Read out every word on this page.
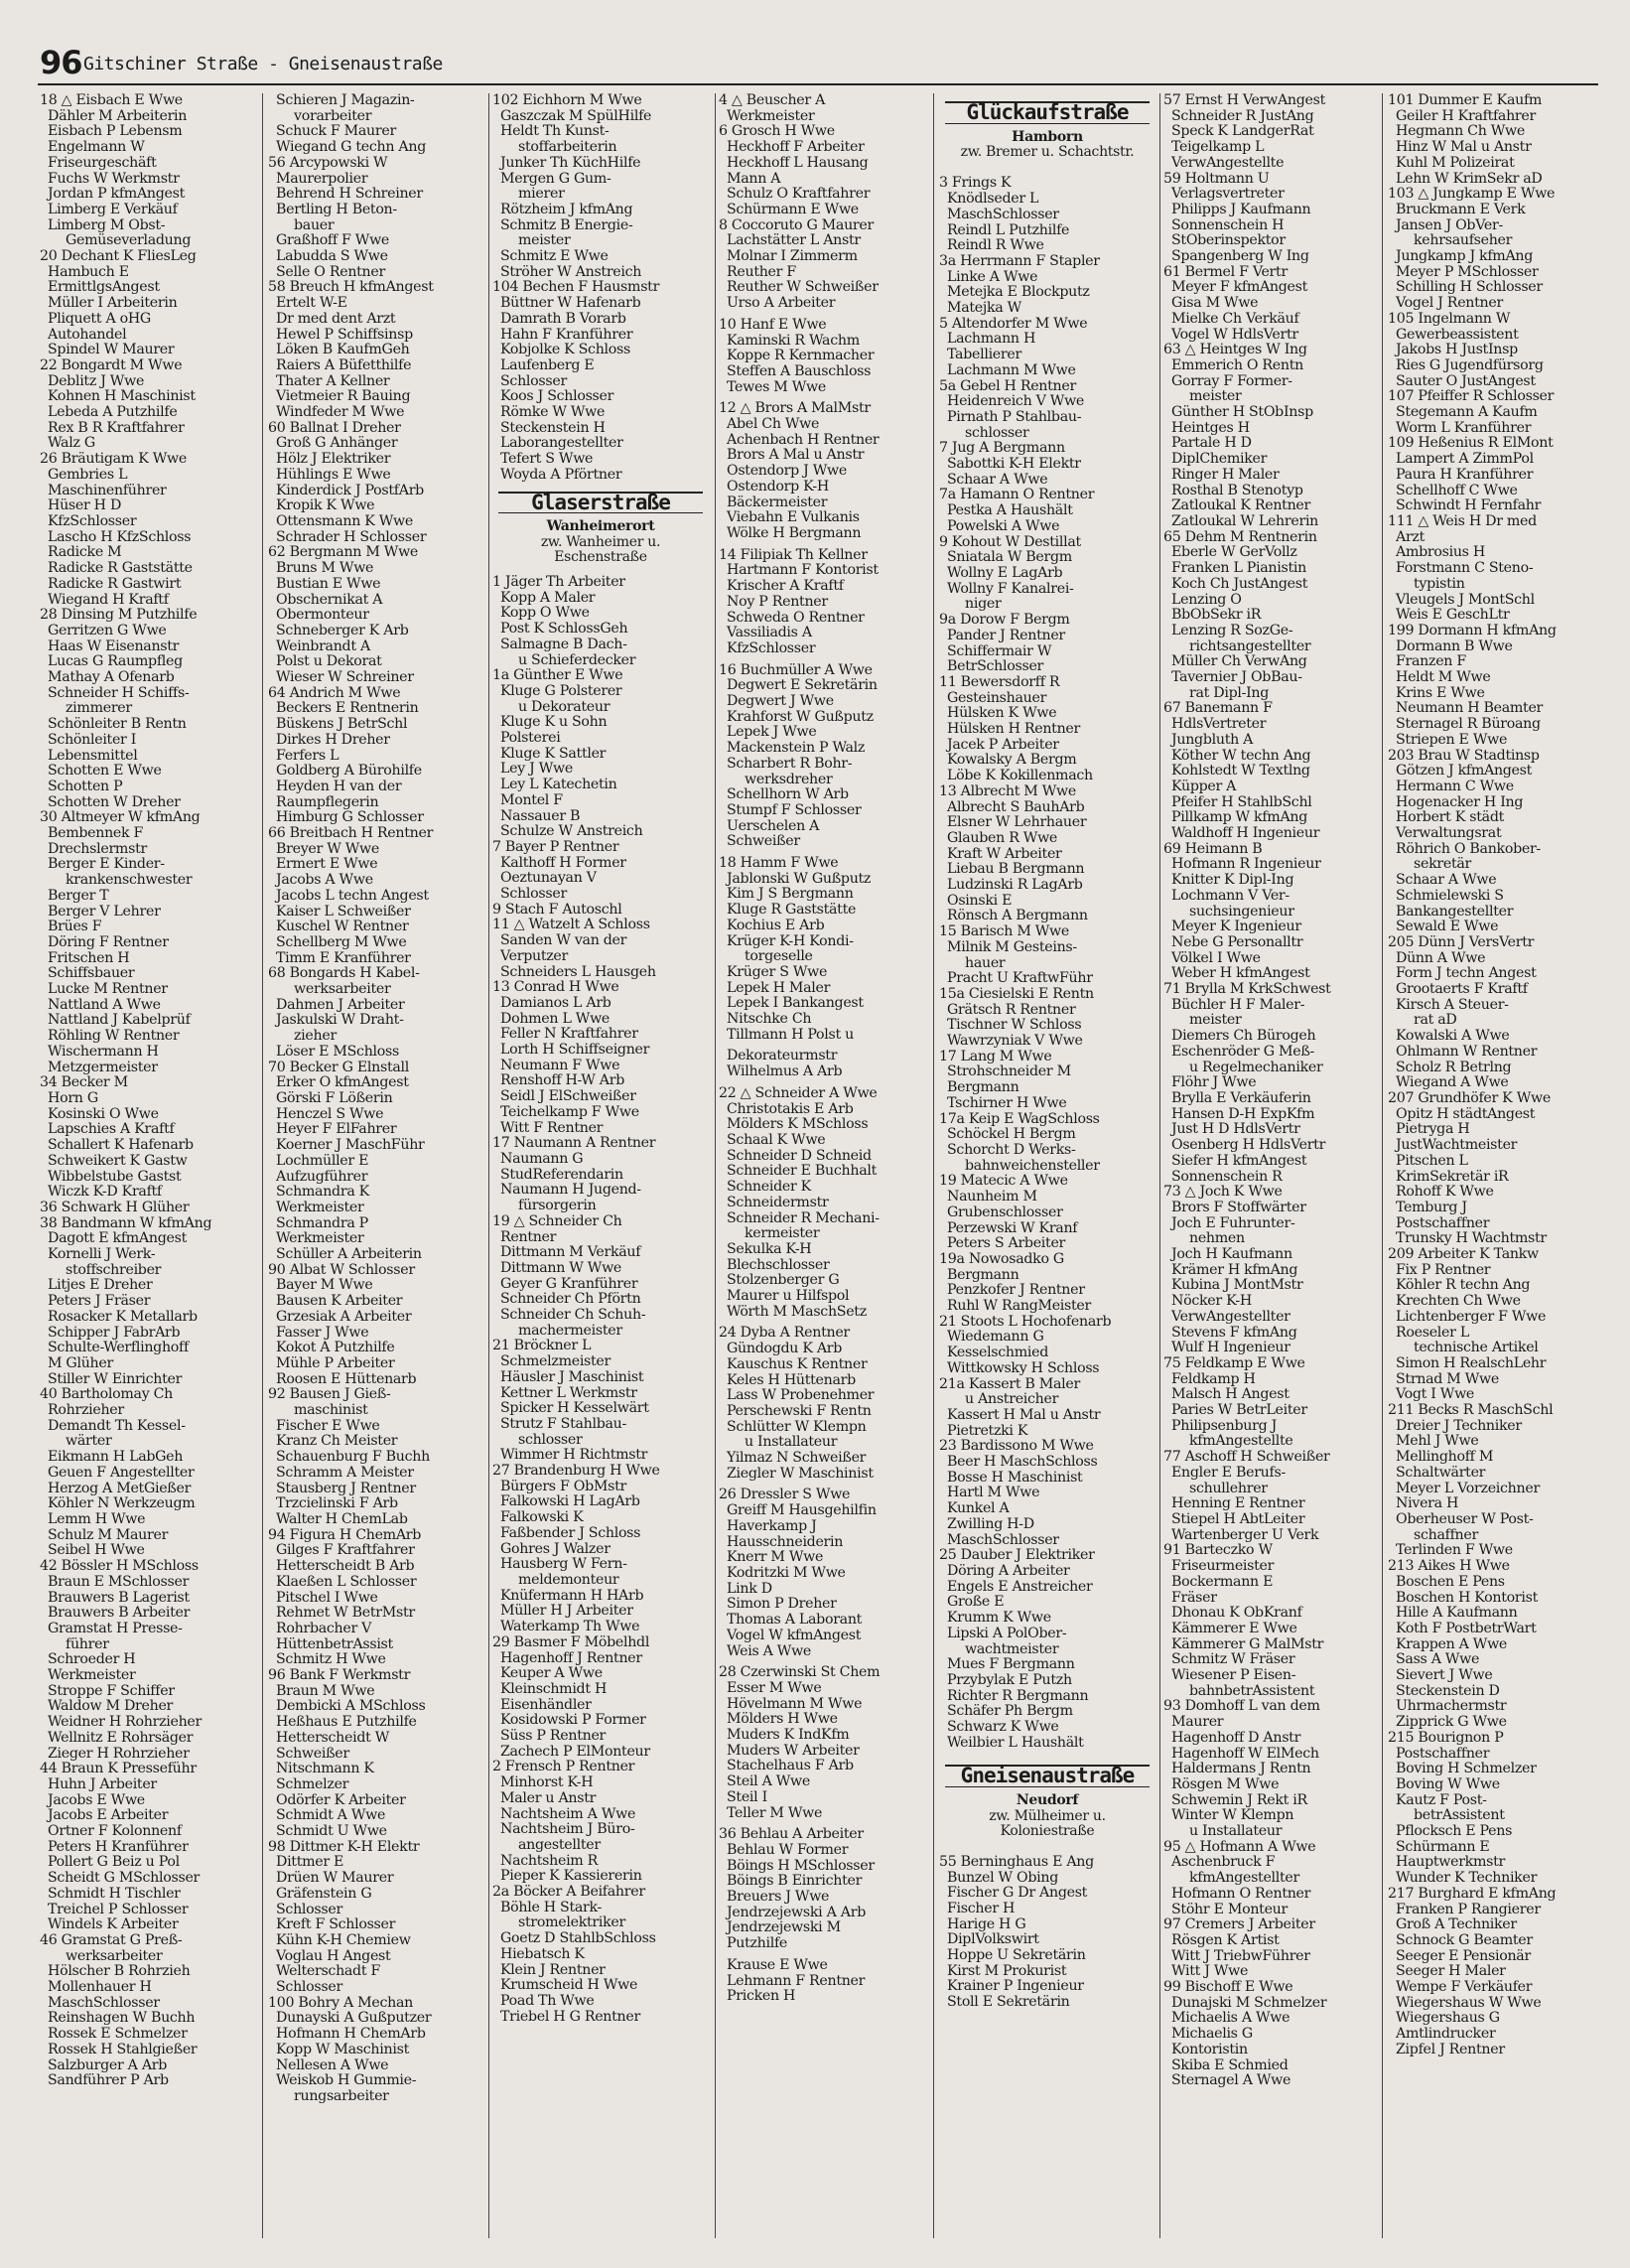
96 Gitschiner Straße - Gneisenaustraße
18 △ Eisbach E Wwe
Dähler M Arbeiterin
Eisbach P Lebensm
Engelmann W
Friseurgeschäft
Fuchs W Werkmstr
Jordan P kfmAngest
Limberg E Verkäuf
Limberg M Obst-
Gemüseverladung
20 Dechant K FliesLeg
Hambuch E
ErmittlgsAngest
Müller I Arbeiterin
Pliquett A oHG
Autohandel
Spindel W Maurer
22 Bongardt M Wwe
Deblitz J Wwe
Kohnen H Maschinist
Lebeda A Putzhilfe
Rex B R Kraftfahrer
Walz G
26 Bräutigam K Wwe
Gembries L
Maschinenführer
Hüser H D
KfzSchlosser
Lascho H KfzSchloss
Radicke M
Radicke R Gaststätte
Radicke R Gastwirt
Wiegand H Kraftf
28 Dinsing M Putzhilfe
Gerritzen G Wwe
Haas W Eisenanstr
Lucas G Raumpfleg
Mathay A Ofenarb
Schneider H Schiffs-
zimmerer
Schönleiter B Rentn
Schönleiter I
Lebensmittel
Schotten E Wwe
Schotten P
Schotten W Dreher
30 Altmeyer W kfmAng
Bembennek F
Drechslermstr
Berger E Kinder-
krankenschwester
Berger T
Berger V Lehrer
Brües F
Döring F Rentner
Fritschen H
Schiffsbauer
Lucke M Rentner
Nattland A Wwe
Nattland J Kabelprüf
Röhling W Rentner
Wischermann H
Metzgermeister
34 Becker M
Horn G
Kosinski O Wwe
Lapschies A Kraftf
Schallert K Hafenarb
Schweikert K Gastw
Wibbelstube Gastst
Wiczk K-D Kraftf
36 Schwark H Glüher
38 Bandmann W kfmAng
Dagott E kfmAngest
Kornelli J Werk-
stoffschreiber
Litjes E Dreher
Peters J Fräser
Rosacker K Metallarb
Schipper J FabrArb
Schulte-Werflinghoff
M Glüher
Stiller W Einrichter
40 Bartholomay Ch
Rohrzieher
Demandt Th Kessel-
wärter
Eikmann H LabGeh
Geuen F Angestellter
Herzog A MetGießer
Köhler N Werkzeugm
Lemm H Wwe
Schulz M Maurer
Seibel H Wwe
42 Bössler H MSchloss
Braun E MSchlosser
Brauwers B Lagerist
Brauwers B Arbeiter
Gramstat H Presse-
führer
Schroeder H
Werkmeister
Stroppe F Schiffer
Waldow M Dreher
Weidner H Rohrzieher
Wellnitz E Rohrsäger
Zieger H Rohrzieher
44 Braun K Presseführ
Huhn J Arbeiter
Jacobs E Wwe
Jacobs E Arbeiter
Ortner F Kolonnenf
Peters H Kranführer
Pollert G Beiz u Pol
Scheidt G MSchlosser
Schmidt H Tischler
Treichel P Schlosser
Windels K Arbeiter
46 Gramstat G Preß-
werksarbeiter
Hölscher B Rohrzieh
Mollenhauer H
MaschSchlosser
Reinshagen W Buchh
Rossek E Schmelzer
Rossek H Stahlgießer
Salzburger A Arb
Sandführer P Arb
Schieren J Magazin-
vorarbeiter
Schuck F Maurer
Wiegand G techn Ang
56 Arcypowski W
Maurerpolier
Behrend H Schreiner
Bertling H Beton-
bauer
Graßhoff F Wwe
Labudda S Wwe
Selle O Rentner
58 Breuch H kfmAngest
Ertelt W-E
Dr med dent Arzt
Hewel P Schiffsinsp
Löken B KaufmGeh
Raiers A Büfetthilfe
Thater A Kellner
Vietmeier R Bauing
Windfeder M Wwe
60 Ballnat I Dreher
Groß G Anhänger
Hölz J Elektriker
Hühlings E Wwe
Kinderdick J PostfArb
Kropik K Wwe
Ottensmann K Wwe
Schrader H Schlosser
62 Bergmann M Wwe
Bruns M Wwe
Bustian E Wwe
Obschernikat A
Obermonteur
Schneberger K Arb
Weinbrandt A
Polst u Dekorat
Wieser W Schreiner
64 Andrich M Wwe
Beckers E Rentnerin
Büskens J BetrSchl
Dirkes H Dreher
Ferfers L
Goldberg A Bürohilfe
Heyden H van der
Raumpflegerin
Himburg G Schlosser
66 Breitbach H Rentner
Breyer W Wwe
Ermert E Wwe
Jacobs A Wwe
Jacobs L techn Angest
Kaiser L Schweißer
Kuschel W Rentner
Schellberg M Wwe
Timm E Kranführer
68 Bongards H Kabel-
werksarbeiter
Dahmen J Arbeiter
Jaskulski W Draht-
zieher
Löser E MSchloss
70 Becker G Elnstall
Erker O kfmAngest
Görski F Lößerin
Henczel S Wwe
Heyer F ElFahrer
Koerner J MaschFühr
Lochmüller E
Aufzugführer
Schmandra K
Werkmeister
Schmandra P
Werkmeister
Schüller A Arbeiterin
90 Albat W Schlosser
Bayer M Wwe
Bausen K Arbeiter
Grzesiak A Arbeiter
Fasser J Wwe
Kokot A Putzhilfe
Mühle P Arbeiter
Roosen E Hüttenarb
92 Bausen J Gieß-
maschinist
Fischer E Wwe
Kranz Ch Meister
Schauenburg F Buchh
Schramm A Meister
Stausberg J Rentner
Trzcielinski F Arb
Walter H ChemLab
94 Figura H ChemArb
Gilges F Kraftfahrer
Hetterscheidt B Arb
Klaeßen L Schlosser
Pitschel I Wwe
Rehmet W BetrMstr
Rohrbacher V
HüttenbetrAssist
Schmitz H Wwe
96 Bank F Werkmstr
Braun M Wwe
Dembicki A MSchloss
Heßhaus E Putzhilfe
Hetterscheidt W
Schweißer
Nitschmann K
Schmelzer
Odörfer K Arbeiter
Schmidt A Wwe
Schmidt U Wwe
98 Dittmer K-H Elektr
Dittmer E
Drüen W Maurer
Gräfenstein G
Schlosser
Kreft F Schlosser
Kühn K-H Chemiew
Voglau H Angest
Welterschadt F
Schlosser
100 Bohry A Mechan
Dunayski A Gußputzer
Hofmann H ChemArb
Kopp W Maschinist
Nellesen A Wwe
Weiskob H Gummie-
rungsarbeiter
102 Eichhorn M Wwe
Gaszczak M SpülHilfe
Heldt Th Kunst-
stoffarbeiterin
Junker Th KüchHilfe
Mergen G Gum-
mierer
Rötzheim J kfmAng
Schmitz B Energie-
meister
Schmitz E Wwe
Ströher W Anstreich
104 Bechen F Hausmstr
Büttner W Hafenarb
Damrath B Vorarb
Hahn F Kranführer
Kobjolke K Schloss
Laufenberg E
Schlosser
Koos J Schlosser
Römke W Wwe
Steckenstein H
Laborangestellter
Tefert S Wwe
Woyda A Pförtner
Glaserstraße
Wanheimerort
zw. Wanheimer u.
Eschenstraße
1 Jäger Th Arbeiter
Kopp A Maler
Kopp O Wwe
Post K SchlossGeh
Salmagne B Dach-
u Schieferdecker
1a Günther E Wwe
Kluge G Polsterer
u Dekorateur
Kluge K u Sohn
Polsterei
Kluge K Sattler
Ley J Wwe
Ley L Katechetin
Montel F
Nassauer B
Schulze W Anstreich
7 Bayer P Rentner
Kalthoff H Former
Oeztunayan V
Schlosser
9 Stach F Autoschl
11 △ Watzelt A Schloss
Sanden W van der
Verputzer
Schneiders L Hausgeh
13 Conrad H Wwe
Damianos L Arb
Dohmen L Wwe
Feller N Kraftfahrer
Lorth H Schiffseigner
Neumann F Wwe
Renshoff H-W Arb
Seidl J ElSchweißer
Teichelkamp F Wwe
Witt F Rentner
17 Naumann A Rentner
Naumann G
StudReferendarin
Naumann H Jugend-
fürsorgerin
19 △ Schneider Ch
Rentner
Dittmann M Verkäuf
Dittmann W Wwe
Geyer G Kranführer
Schneider Ch Pförtn
Schneider Ch Schuh-
machermeister
21 Bröckner L
Schmelzmeister
Häusler J Maschinist
Kettner L Werkmstr
Spicker H Kesselwärt
Strutz F Stahlbau-
schlosser
Wimmer H Richtmstr
27 Brandenburg H Wwe
Bürgers F ObMstr
Falkowski H LagArb
Falkowski K
Faßbender J Schloss
Gohres J Walzer
Hausberg W Fern-
meldemonteur
Knüfermann H HArb
Müller H J Arbeiter
Waterkamp Th Wwe
29 Basmer F Möbelhdl
Hagenhoff J Rentner
Keuper A Wwe
Kleinschmidt H
Eisenhändler
Kosidowski P Former
Süss P Rentner
Zachech P ElMonteur
2 Frensch P Rentner
Minhorst K-H
Maler u Anstr
Nachtsheim A Wwe
Nachtsheim J Büro-
angestellter
Nachtsheim R
Pieper K Kassiererin
2a Böcker A Beifahrer
Böhle H Stark-
stromelektriker
Goetz D StahlbSchloss
Hiebatsch K
Klein J Rentner
Krumscheid H Wwe
Poad Th Wwe
Triebel H G Rentner
4 △ Beuscher A
Werkmeister
6 Grosch H Wwe
Heckhoff F Arbeiter
Heckhoff L Hausang
Mann A
Schulz O Kraftfahrer
Schürmann E Wwe
8 Coccoruto G Maurer
Lachstätter L Anstr
Molnar I Zimmerm
Reuther F
Reuther W Schweißer
Urso A Arbeiter

10 Hanf E Wwe
Kaminski R Wachm
Koppe R Kernmacher
Steffen A Bauschloss
Tewes M Wwe

12 △ Brors A MalMstr
Abel Ch Wwe
Achenbach H Rentner
Brors A Mal u Anstr
Ostendorp J Wwe
Ostendorp K-H
Bäckermeister
Viebahn E Vulkanis
Wölke H Bergmann

14 Filipiak Th Kellner
Hartmann F Kontorist
Krischer A Kraftf
Noy P Rentner
Schweda O Rentner
Vassiliadis A
KfzSchlosser

16 Buchmüller A Wwe
Degwert E Sekretärin
Degwert J Wwe
Krahforst W Gußputz
Lepek J Wwe
Mackenstein P Walz
Scharbert R Bohr-
werksdreher
Schellhorn W Arb
Stumpf F Schlosser
Uerschelen A
Schweißer

18 Hamm F Wwe
Jablonski W Gußputz
Kim J S Bergmann
Kluge R Gaststätte
Kochius E Arb
Krüger K-H Kondi-
torgeselle
Krüger S Wwe
Lepek H Maler
Lepek I Bankangest
Nitschke Ch
Tillmann H Polst u

Dekorateurmstr
Wilhelmus A Arb

22 △ Schneider A Wwe
Christotakis E Arb
Mölders K MSchloss
Schaal K Wwe
Schneider D Schneid
Schneider E Buchhalt
Schneider K
Schneidermstr
Schneider R Mechani-
kermeister
Sekulka K-H
Blechschlosser
Stolzenberger G
Maurer u Hilfspol
Wörth M MaschSetz

24 Dyba A Rentner
Gündogdu K Arb
Kauschus K Rentner
Keles H Hüttenarb
Lass W Probenehmer
Perschewski F Rentn
Schlütter W Klempn
u Installateur
Yilmaz N Schweißer
Ziegler W Maschinist

26 Dressler S Wwe
Greiff M Hausgehilfin
Haverkamp J
Hausschneiderin
Knerr M Wwe
Kodritzki M Wwe
Link D
Simon P Dreher
Thomas A Laborant
Vogel W kfmAngest
Weis A Wwe

28 Czerwinski St Chem
Esser M Wwe
Hövelmann M Wwe
Mölders H Wwe
Muders K IndKfm
Muders W Arbeiter
Stachelhaus F Arb
Steil A Wwe
Steil I
Teller M Wwe

36 Behlau A Arbeiter
Behlau W Former
Böings H MSchlosser
Böings B Einrichter
Breuers J Wwe
Jendrzejewski A Arb
Jendrzejewski M
Putzhilfe

Krause E Wwe
Lehmann F Rentner
Pricken H
Glückaufstraße
Hamborn
zw. Bremer u. Schachtstr.

3 Frings K
Knödlseder L
MaschSchlosser
Reindl L Putzhilfe
Reindl R Wwe
3a Herrmann F Stapler
Linke A Wwe
Metejka E Blockputz
Matejka W
5 Altendorfer M Wwe
Lachmann H
Tabellierer
Lachmann M Wwe
5a Gebel H Rentner
Heidenreich V Wwe
Pirnath P Stahlbau-
schlosser
7 Jug A Bergmann
Sabottki K-H Elektr
Schaar A Wwe
7a Hamann O Rentner
Pestka A Haushält
Powelski A Wwe
9 Kohout W Destillat
Sniatala W Bergm
Wollny E LagArb
Wollny F Kanalrei-
niger
9a Dorow F Bergm
Pander J Rentner
Schiffermair W
BetrSchlosser
11 Bewersdorff R
Gesteinshauer
Hülsken K Wwe
Hülsken H Rentner
Jacek P Arbeiter
Kowalsky A Bergm
Löbe K Kokillenmach
13 Albrecht M Wwe
Albrecht S BauhArb
Elsner W Lehrhauer
Glauben R Wwe
Kraft W Arbeiter
Liebau B Bergmann
Ludzinski R LagArb
Osinski E
Rönsch A Bergmann
15 Barisch M Wwe
Milnik M Gesteins-
hauer
Pracht U KraftwFühr
15a Ciesielski E Rentn
Grätsch R Rentner
Tischner W Schloss
Wawrzyniak V Wwe
17 Lang M Wwe
Strohschneider M
Bergmann
Tschirner H Wwe
17a Keip E WagSchloss
Schöckel H Bergm
Schorcht D Werks-
bahnweichensteller
19 Matecic A Wwe
Naunheim M
Grubenschlosser
Perzewski W Kranf
Peters S Arbeiter
19a Nowosadko G
Bergmann
Penzkofer J Rentner
Ruhl W RangMeister
21 Stoots L Hochofenarb
Wiedemann G
Kesselschmied
Wittkowsky H Schloss
21a Kassert B Maler
u Anstreicher
Kassert H Mal u Anstr
Pietretzki K
23 Bardissono M Wwe
Beer H MaschSchloss
Bosse H Maschinist
Hartl M Wwe
Kunkel A
Zwilling H-D
MaschSchlosser
25 Dauber J Elektriker
Döring A Arbeiter
Engels E Anstreicher
Große E
Krumm K Wwe
Lipski A PolOber-
wachtmeister
Mues F Bergmann
Przybylak E Putzh
Richter R Bergmann
Schäfer Ph Bergm
Schwarz K Wwe
Weilbier L Haushält

Gneisenaustraße
Neudorf
zw. Mülheimer u.
Koloniestraße

55 Berninghaus E Ang
Bunzel W Obing
Fischer G Dr Angest
Fischer H
Harige H G
DiplVolkswirt
Hoppe U Sekretärin
Kirst M Prokurist
Krainer P Ingenieur
Stoll E Sekretärin
57 Ernst H VerwAngest
Schneider R JustAng
Speck K LandgerRat
Teigelkamp L
VerwAngestellte
59 Holtmann U
Verlagsvertreter
Philipps J Kaufmann
Sonnenschein H
StOberinspektor
Spangenberg W Ing
61 Bermel F Vertr
Meyer F kfmAngest
Gisa M Wwe
Mielke Ch Verkäuf
Vogel W HdlsVertr
63 △ Heintges W Ing
Emmerich O Rentn
Gorray F Former-
meister
Günther H StObInsp
Heintges H
Partale H D
DiplChemiker
Ringer H Maler
Rosthal B Stenotyp
Zatloukal K Rentner
Zatloukal W Lehrerin
65 Dehm M Rentnerin
Eberle W GerVollz
Franken L Pianistin
Koch Ch JustAngest
Lenzing O
BbObSekr iR
Lenzing R SozGe-
richtsangestellter
Müller Ch VerwAng
Tavernier J ObBau-
rat Dipl-Ing
67 Banemann F
HdlsVertreter
Jungbluth A
Köther W techn Ang
Kohlstedt W Textlng
Küpper A
Pfeifer H StahlbSchl
Pillkamp W kfmAng
Waldhoff H Ingenieur
69 Heimann B
Hofmann R Ingenieur
Knitter K Dipl-Ing
Lochmann V Ver-
suchsingenieur
Meyer K Ingenieur
Nebe G Personalltr
Völkel I Wwe
Weber H kfmAngest
71 Brylla M KrkSchwest
Büchler H F Maler-
meister
Diemers Ch Bürogeh
Eschenröder G Meß-
u Regelmechaniker
Flöhr J Wwe
Brylla E Verkäuferin
Hansen D-H ExpKfm
Just H D HdlsVertr
Osenberg H HdlsVertr
Siefer H kfmAngest
Sonnenschein R
73 △ Joch K Wwe
Brors F Stoffwärter
Joch E Fuhrunter-
nehmen
Joch H Kaufmann
Krämer H kfmAng
Kubina J MontMstr
Nöcker K-H
VerwAngestellter
Stevens F kfmAng
Wulf H Ingenieur
75 Feldkamp E Wwe
Feldkamp H
Malsch H Angest
Paries W BetrLeiter
Philipsenburg J
kfmAngestellte
77 Aschoff H Schweißer
Engler E Berufs-
schullehrer
Henning E Rentner
Stiepel H AbtLeiter
Wartenberger U Verk
91 Barteczko W
Friseurmeister
Bockermann E
Fräser
Dhonau K ObKranf
Kämmerer E Wwe
Kämmerer G MalMstr
Schmitz W Fräser
Wiesener P Eisen-
bahnbetrAssistent
93 Domhoff L van dem
Maurer
Hagenhoff D Anstr
Hagenhoff W ElMech
Haldermans J Rentn
Rösgen M Wwe
Schwemin J Rekt iR
Winter W Klempn
u Installateur
95 △ Hofmann A Wwe
Aschenbruck F
kfmAngestellter
Hofmann O Rentner
Stöhr E Monteur
97 Cremers J Arbeiter
Rösgen K Artist
Witt J TriebwFührer
Witt J Wwe
99 Bischoff E Wwe
Dunajski M Schmelzer
Michaelis A Wwe
Michaelis G
Kontoristin
Skiba E Schmied
Sternagel A Wwe
101 Dummer E Kaufm
Geiler H Kraftfahrer
Hegmann Ch Wwe
Hinz W Mal u Anstr
Kuhl M Polizeirat
Lehn W KrimSekr aD
103 △ Jungkamp E Wwe
Bruckmann E Verk
Jansen J ObVer-
kehrsaufseher
Jungkamp J kfmAng
Meyer P MSchlosser
Schilling H Schlosser
Vogel J Rentner
105 Ingelmann W
Gewerbeassistent
Jakobs H JustInsp
Ries G Jugendfürsorg
Sauter O JustAngest
107 Pfeiffer R Schlosser
Stegemann A Kaufm
Worm L Kranführer
109 Heßenius R ElMont
Lampert A ZimmPol
Paura H Kranführer
Schellhoff C Wwe
Schwindt H Fernfahr
111 △ Weis H Dr med
Arzt
Ambrosius H
Forstmann C Steno-
typistin
Vleugels J MontSchl
Weis E GeschLtr
199 Dormann H kfmAng
Dormann B Wwe
Franzen F
Heldt M Wwe
Krins E Wwe
Neumann H Beamter
Sternagel R Büroang
Striepen E Wwe
203 Brau W Stadtinsp
Götzen J kfmAngest
Hermann C Wwe
Hogenacker H Ing
Horbert K städt
Verwaltungsrat
Röhrich O Bankober-
sekretär
Schaar A Wwe
Schmielewski S
Bankangestellter
Sewald E Wwe
205 Dünn J VersVertr
Dünn A Wwe
Form J techn Angest
Grootaerts F Kraftf
Kirsch A Steuer-
rat aD
Kowalski A Wwe
Ohlmann W Rentner
Scholz R Betrlng
Wiegand A Wwe
207 Grundhöfer K Wwe
Opitz H städtAngest
Pietryga H
JustWachtmeister
Pitschen L
KrimSekretär iR
Rohoff K Wwe
Temburg J
Postschaffner
Trunsky H Wachtmstr
209 Arbeiter K Tankw
Fix P Rentner
Köhler R techn Ang
Krechten Ch Wwe
Lichtenberger F Wwe
Roeseler L
technische Artikel
Simon H RealschLehr
Strnad M Wwe
Vogt I Wwe
211 Becks R MaschSchl
Dreier J Techniker
Mehl J Wwe
Mellinghoff M
Schaltwärter
Meyer L Vorzeichner
Nivera H
Oberheuser W Post-
schaffner
Terlinden F Wwe
213 Aikes H Wwe
Boschen E Pens
Boschen H Kontorist
Hille A Kaufmann
Koth F PostbetrWart
Krappen A Wwe
Sass A Wwe
Sievert J Wwe
Steckenstein D
Uhrmachermstr
Zipprick G Wwe
215 Bourignon P
Postschaffner
Boving H Schmelzer
Boving W Wwe
Kautz F Post-
betrAssistent
Pflocksch E Pens
Schürmann E
Hauptwerkmstr
Wunder K Techniker
217 Burghard E kfmAng
Franken P Rangierer
Groß A Techniker
Schnock G Beamter
Seeger E Pensionär
Seeger H Maler
Wempe F Verkäufer
Wiegershaus W Wwe
Wiegershaus G
Amtlindrucker
Zipfel J Rentner
